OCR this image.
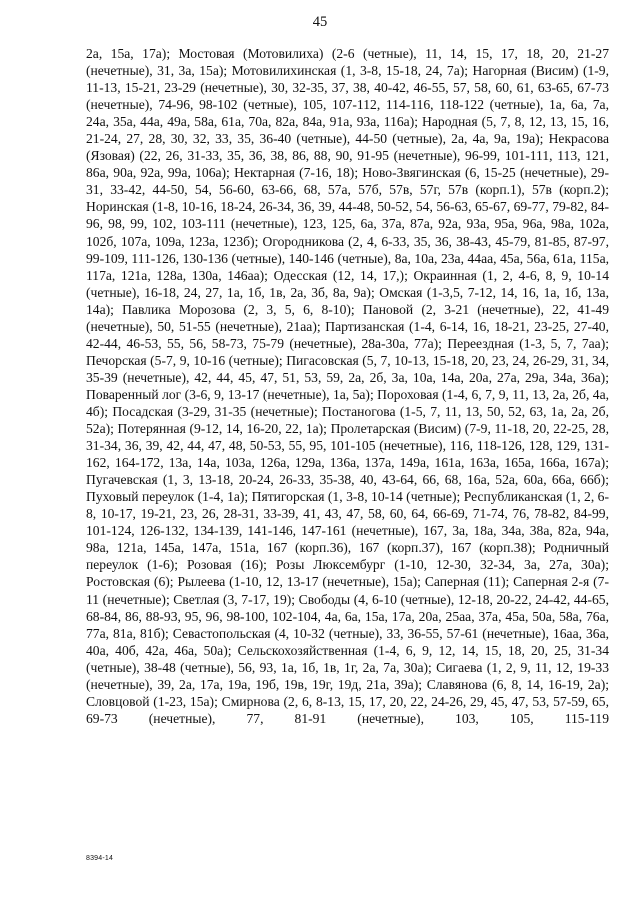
45

2а, 15а, 17а); Мостовая (Мотовилиха) (2-6 (четные), 11, 14, 15, 17, 18, 20, 21-27 (нечетные), 31, 3а, 15а); Мотовилихинская (1, 3-8, 15-18, 24, 7а); Нагорная (Висим) (1-9, 11-13, 15-21, 23-29 (нечетные), 30, 32-35, 37, 38, 40-42, 46-55, 57, 58, 60, 61, 63-65, 67-73 (нечетные), 74-96, 98-102 (четные), 105, 107-112, 114-116, 118-122 (четные), 1а, 6а, 7а, 24а, 35а, 44а, 49а, 58а, 61а, 70а, 82а, 84а, 91а, 93а, 116а); Народная (5, 7, 8, 12, 13, 15, 16, 21-24, 27, 28, 30, 32, 33, 35, 36-40 (четные), 44-50 (четные), 2а, 4а, 9а, 19а); Некрасова (Язовая) (22, 26, 31-33, 35, 36, 38, 86, 88, 90, 91-95 (нечетные), 96-99, 101-111, 113, 121, 86а, 90а, 92а, 99а, 106а); Нектарная (7-16, 18); Ново-Звягинская (6, 15-25 (нечетные), 29-31, 33-42, 44-50, 54, 56-60, 63-66, 68, 57а, 57б, 57в, 57г, 57в (корп.1), 57в (корп.2); Норинская (1-8, 10-16, 18-24, 26-34, 36, 39, 44-48, 50-52, 54, 56-63, 65-67, 69-77, 79-82, 84-96, 98, 99, 102, 103-111 (нечетные), 123, 125, 6а, 37а, 87а, 92а, 93а, 95а, 96а, 98а, 102а, 102б, 107а, 109а, 123а, 123б); Огородникова (2, 4, 6-33, 35, 36, 38-43, 45-79, 81-85, 87-97, 99-109, 111-126, 130-136 (четные), 140-146 (четные), 8а, 10а, 23а, 44аа, 45а, 56а, 61а, 115а, 117а, 121а, 128а, 130а, 146аа); Одесская (12, 14, 17,); Окраинная (1, 2, 4-6, 8, 9, 10-14 (четные), 16-18, 24, 27, 1а, 1б, 1в, 2а, 3б, 8а, 9а); Омская (1-3,5, 7-12, 14, 16, 1а, 1б, 13а, 14а); Павлика Морозова (2, 3, 5, 6, 8-10); Пановой (2, 3-21 (нечетные), 22, 41-49 (нечетные), 50, 51-55 (нечетные), 21аа); Партизанская (1-4, 6-14, 16, 18-21, 23-25, 27-40, 42-44, 46-53, 55, 56, 58-73, 75-79 (нечетные), 28а-30а, 77а); Переездная (1-3, 5, 7, 7аа); Печорская (5-7, 9, 10-16 (четные); Пигасовская (5, 7, 10-13, 15-18, 20, 23, 24, 26-29, 31, 34, 35-39 (нечетные), 42, 44, 45, 47, 51, 53, 59, 2а, 2б, 3а, 10а, 14а, 20а, 27а, 29а, 34а, 36а); Поваренный лог (3-6, 9, 13-17 (нечетные), 1а, 5а); Пороховая (1-4, 6, 7, 9, 11, 13, 2а, 2б, 4а, 4б); Посадская (3-29, 31-35 (нечетные); Постаногова (1-5, 7, 11, 13, 50, 52, 63, 1а, 2а, 2б, 52а); Потерянная (9-12, 14, 16-20, 22, 1а); Пролетарская (Висим) (7-9, 11-18, 20, 22-25, 28, 31-34, 36, 39, 42, 44, 47, 48, 50-53, 55, 95, 101-105 (нечетные), 116, 118-126, 128, 129, 131-162, 164-172, 13а, 14а, 103а, 126а, 129а, 136а, 137а, 149а, 161а, 163а, 165а, 166а, 167а); Пугачевская (1, 3, 13-18, 20-24, 26-33, 35-38, 40, 43-64, 66, 68, 16а, 52а, 60а, 66а, 66б); Пуховый переулок (1-4, 1а); Пятигорская (1, 3-8, 10-14 (четные); Республиканская (1, 2, 6-8, 10-17, 19-21, 23, 26, 28-31, 33-39, 41, 43, 47, 58, 60, 64, 66-69, 71-74, 76, 78-82, 84-99, 101-124, 126-132, 134-139, 141-146, 147-161 (нечетные), 167, 3а, 18а, 34а, 38а, 82а, 94а, 98а, 121а, 145а, 147а, 151а, 167 (корп.36), 167 (корп.37), 167 (корп.38); Родничный переулок (1-6); Розовая (16); Розы Люксембург (1-10, 12-30, 32-34, 3а, 27а, 30а); Ростовская (6); Рылеева (1-10, 12, 13-17 (нечетные), 15а); Саперная (11); Саперная 2-я (7-11 (нечетные); Светлая (3, 7-17, 19); Свободы (4, 6-10 (четные), 12-18, 20-22, 24-42, 44-65, 68-84, 86, 88-93, 95, 96, 98-100, 102-104, 4а, 6а, 15а, 17а, 20а, 25аа, 37а, 45а, 50а, 58а, 76а, 77а, 81а, 81б); Севастопольская (4, 10-32 (четные), 33, 36-55, 57-61 (нечетные), 16аа, 36а, 40а, 40б, 42а, 46а, 50а); Сельскохозяйственная (1-4, 6, 9, 12, 14, 15, 18, 20, 25, 31-34 (четные), 38-48 (четные), 56, 93, 1а, 1б, 1в, 1г, 2а, 7а, 30а); Сигаева (1, 2, 9, 11, 12, 19-33 (нечетные), 39, 2а, 17а, 19а, 19б, 19в, 19г, 19д, 21а, 39а); Славянова (6, 8, 14, 16-19, 2а); Словцовой (1-23, 15а); Смирнова (2, 6, 8-13, 15, 17, 20, 22, 24-26, 29, 45, 47, 53, 57-59, 65, 69-73 (нечетные), 77, 81-91 (нечетные), 103, 105, 115-119

8394-14
